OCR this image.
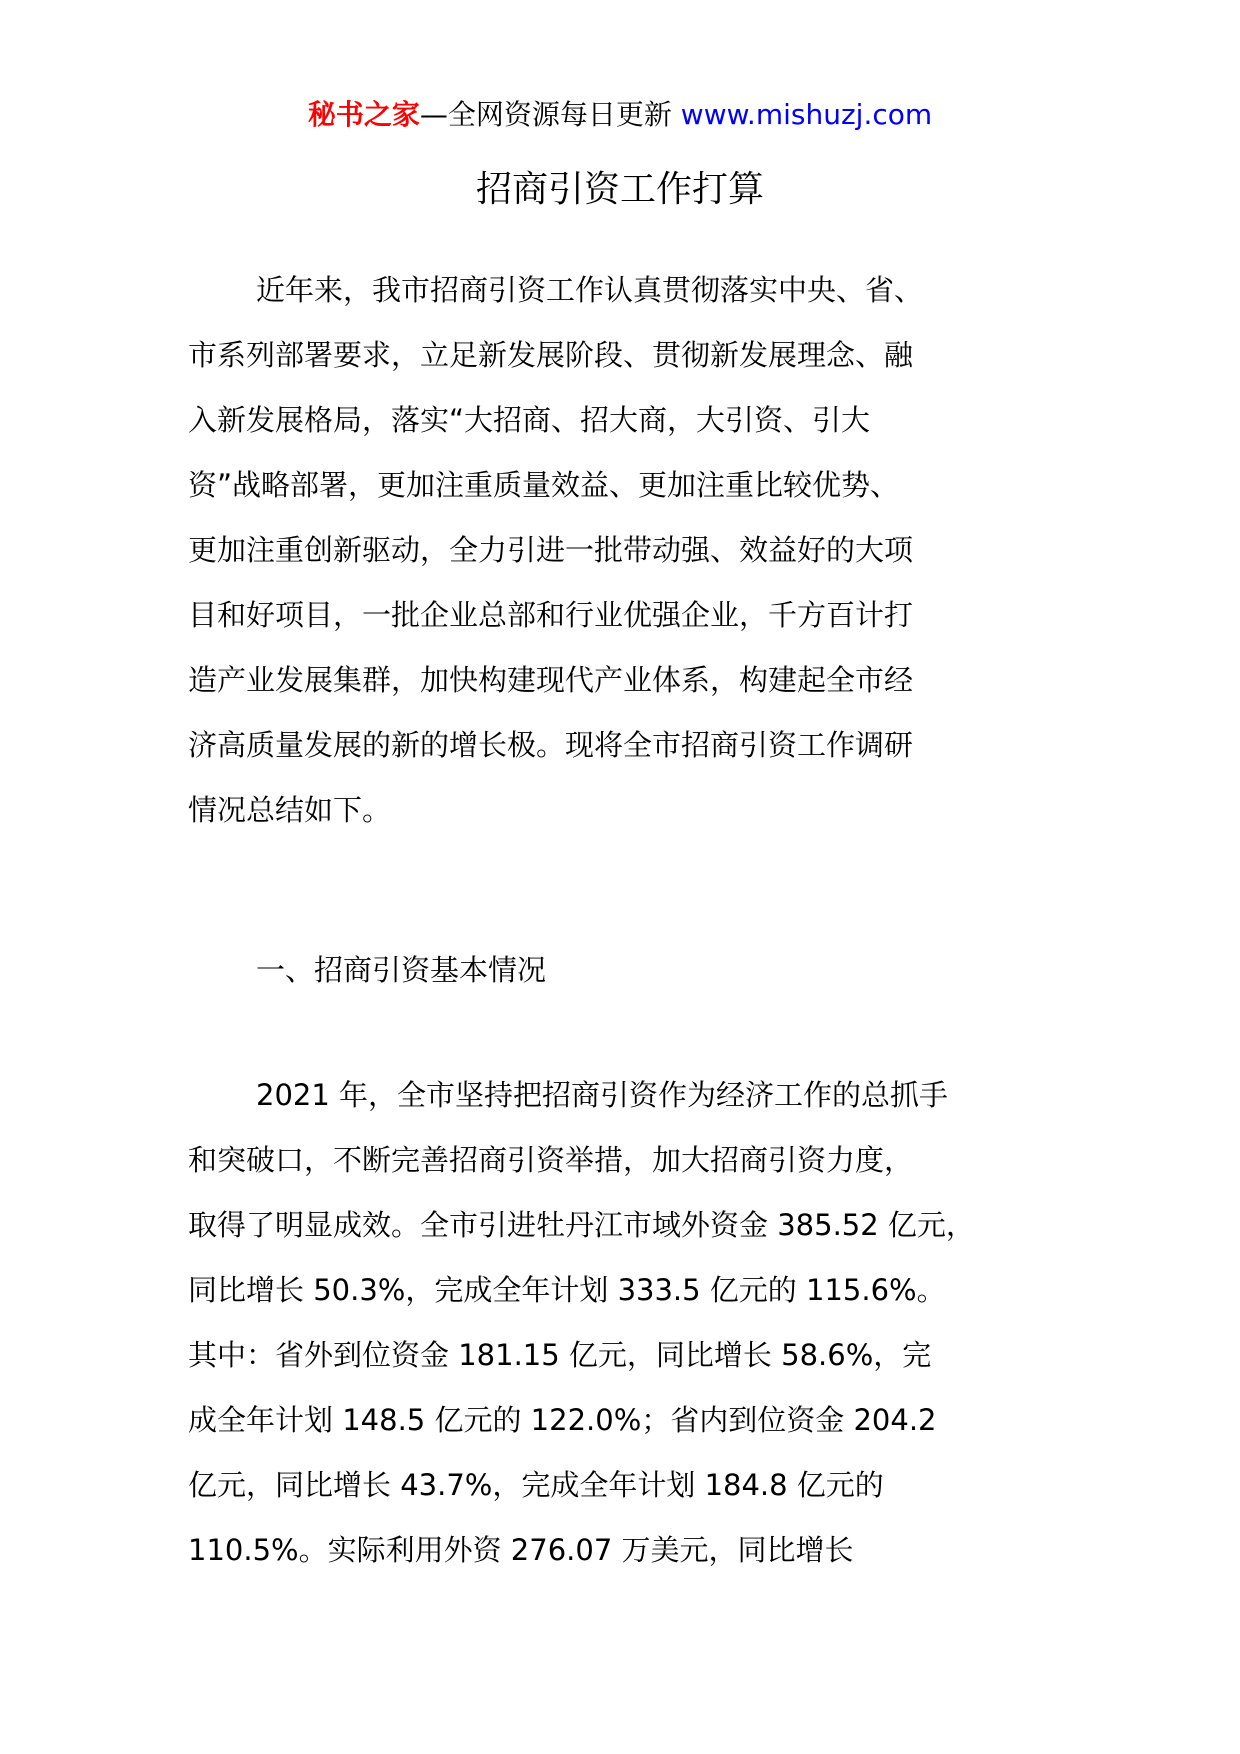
秘书之家—全网资源每日更新 www.mishuzj.com
招商引资工作打算
近年来，我市招商引资工作认真贯彻落实中央、省、
市系列部署要求，立足新发展阶段、贯彻新发展理念、融
入新发展格局，落实“大招商、招大商，大引资、引大
资”战略部署，更加注重质量效益、更加注重比较优势、
更加注重创新驱动，全力引进一批带动强、效益好的大项
目和好项目，一批企业总部和行业优强企业，千方百计打
造产业发展集群，加快构建现代产业体系，构建起全市经
济高质量发展的新的增长极。现将全市招商引资工作调研
情况总结如下。
一、招商引资基本情况
2021 年，全市坚持把招商引资作为经济工作的总抓手
和突破口，不断完善招商引资举措，加大招商引资力度，
取得了明显成效。全市引进牡丹江市域外资金 385.52 亿元，
同比增长 50.3%，完成全年计划 333.5 亿元的 115.6%。
其中：省外到位资金 181.15 亿元，同比增长 58.6%，完
成全年计划 148.5 亿元的 122.0%；省内到位资金 204.2
亿元，同比增长 43.7%，完成全年计划 184.8 亿元的
110.5%。实际利用外资 276.07 万美元，同比增长
